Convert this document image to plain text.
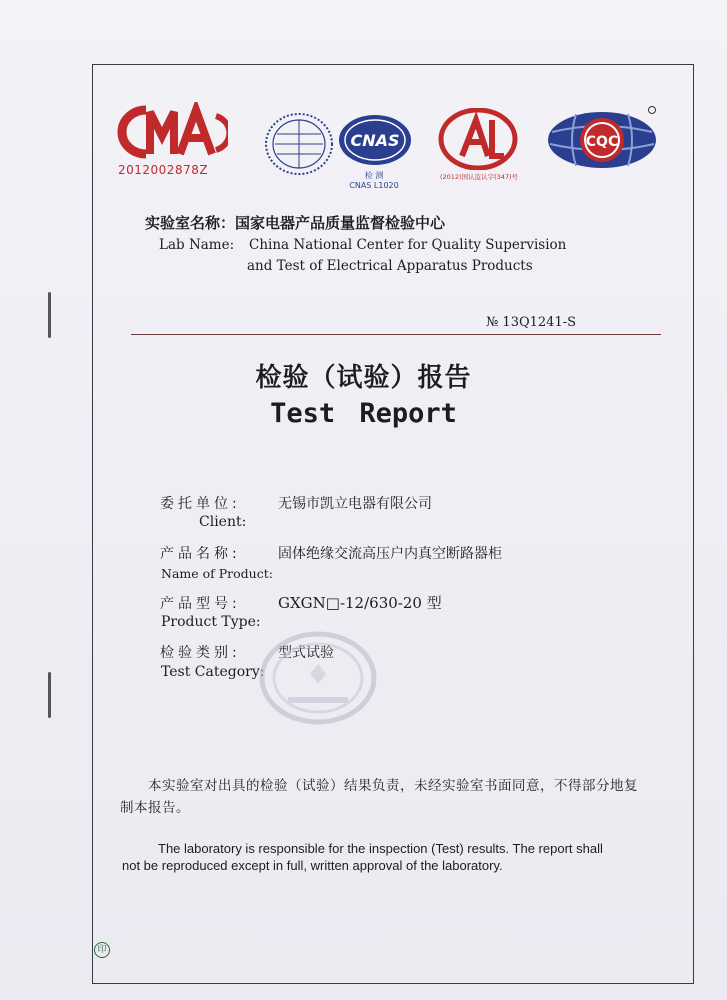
2012002878Z
CNAS
检 测
CNAS L1020
(2012)国认监认字(347)号
CQC
实验室名称：国家电器产品质量监督检验中心
Lab Name: China National Center for Quality Supervision
and Test of Electrical Apparatus Products
№ 13Q1241-S
检验（试验）报告
Test Report
委托单位:	无锡市凯立电器有限公司
Client:
产品名称:	固体绝缘交流高压户内真空断路器柜
Name of Product:
产品型号: GXGN□-12/630-20 型
Product Type:
检验类别:	型式试验
Test Category:
本实验室对出具的检验（试验）结果负责，未经实验室书面同意，不得部分地复制本报告。
The laboratory is responsible for the inspection (Test) results. The report shall
not be reproduced except in full, written approval of the laboratory.
印
